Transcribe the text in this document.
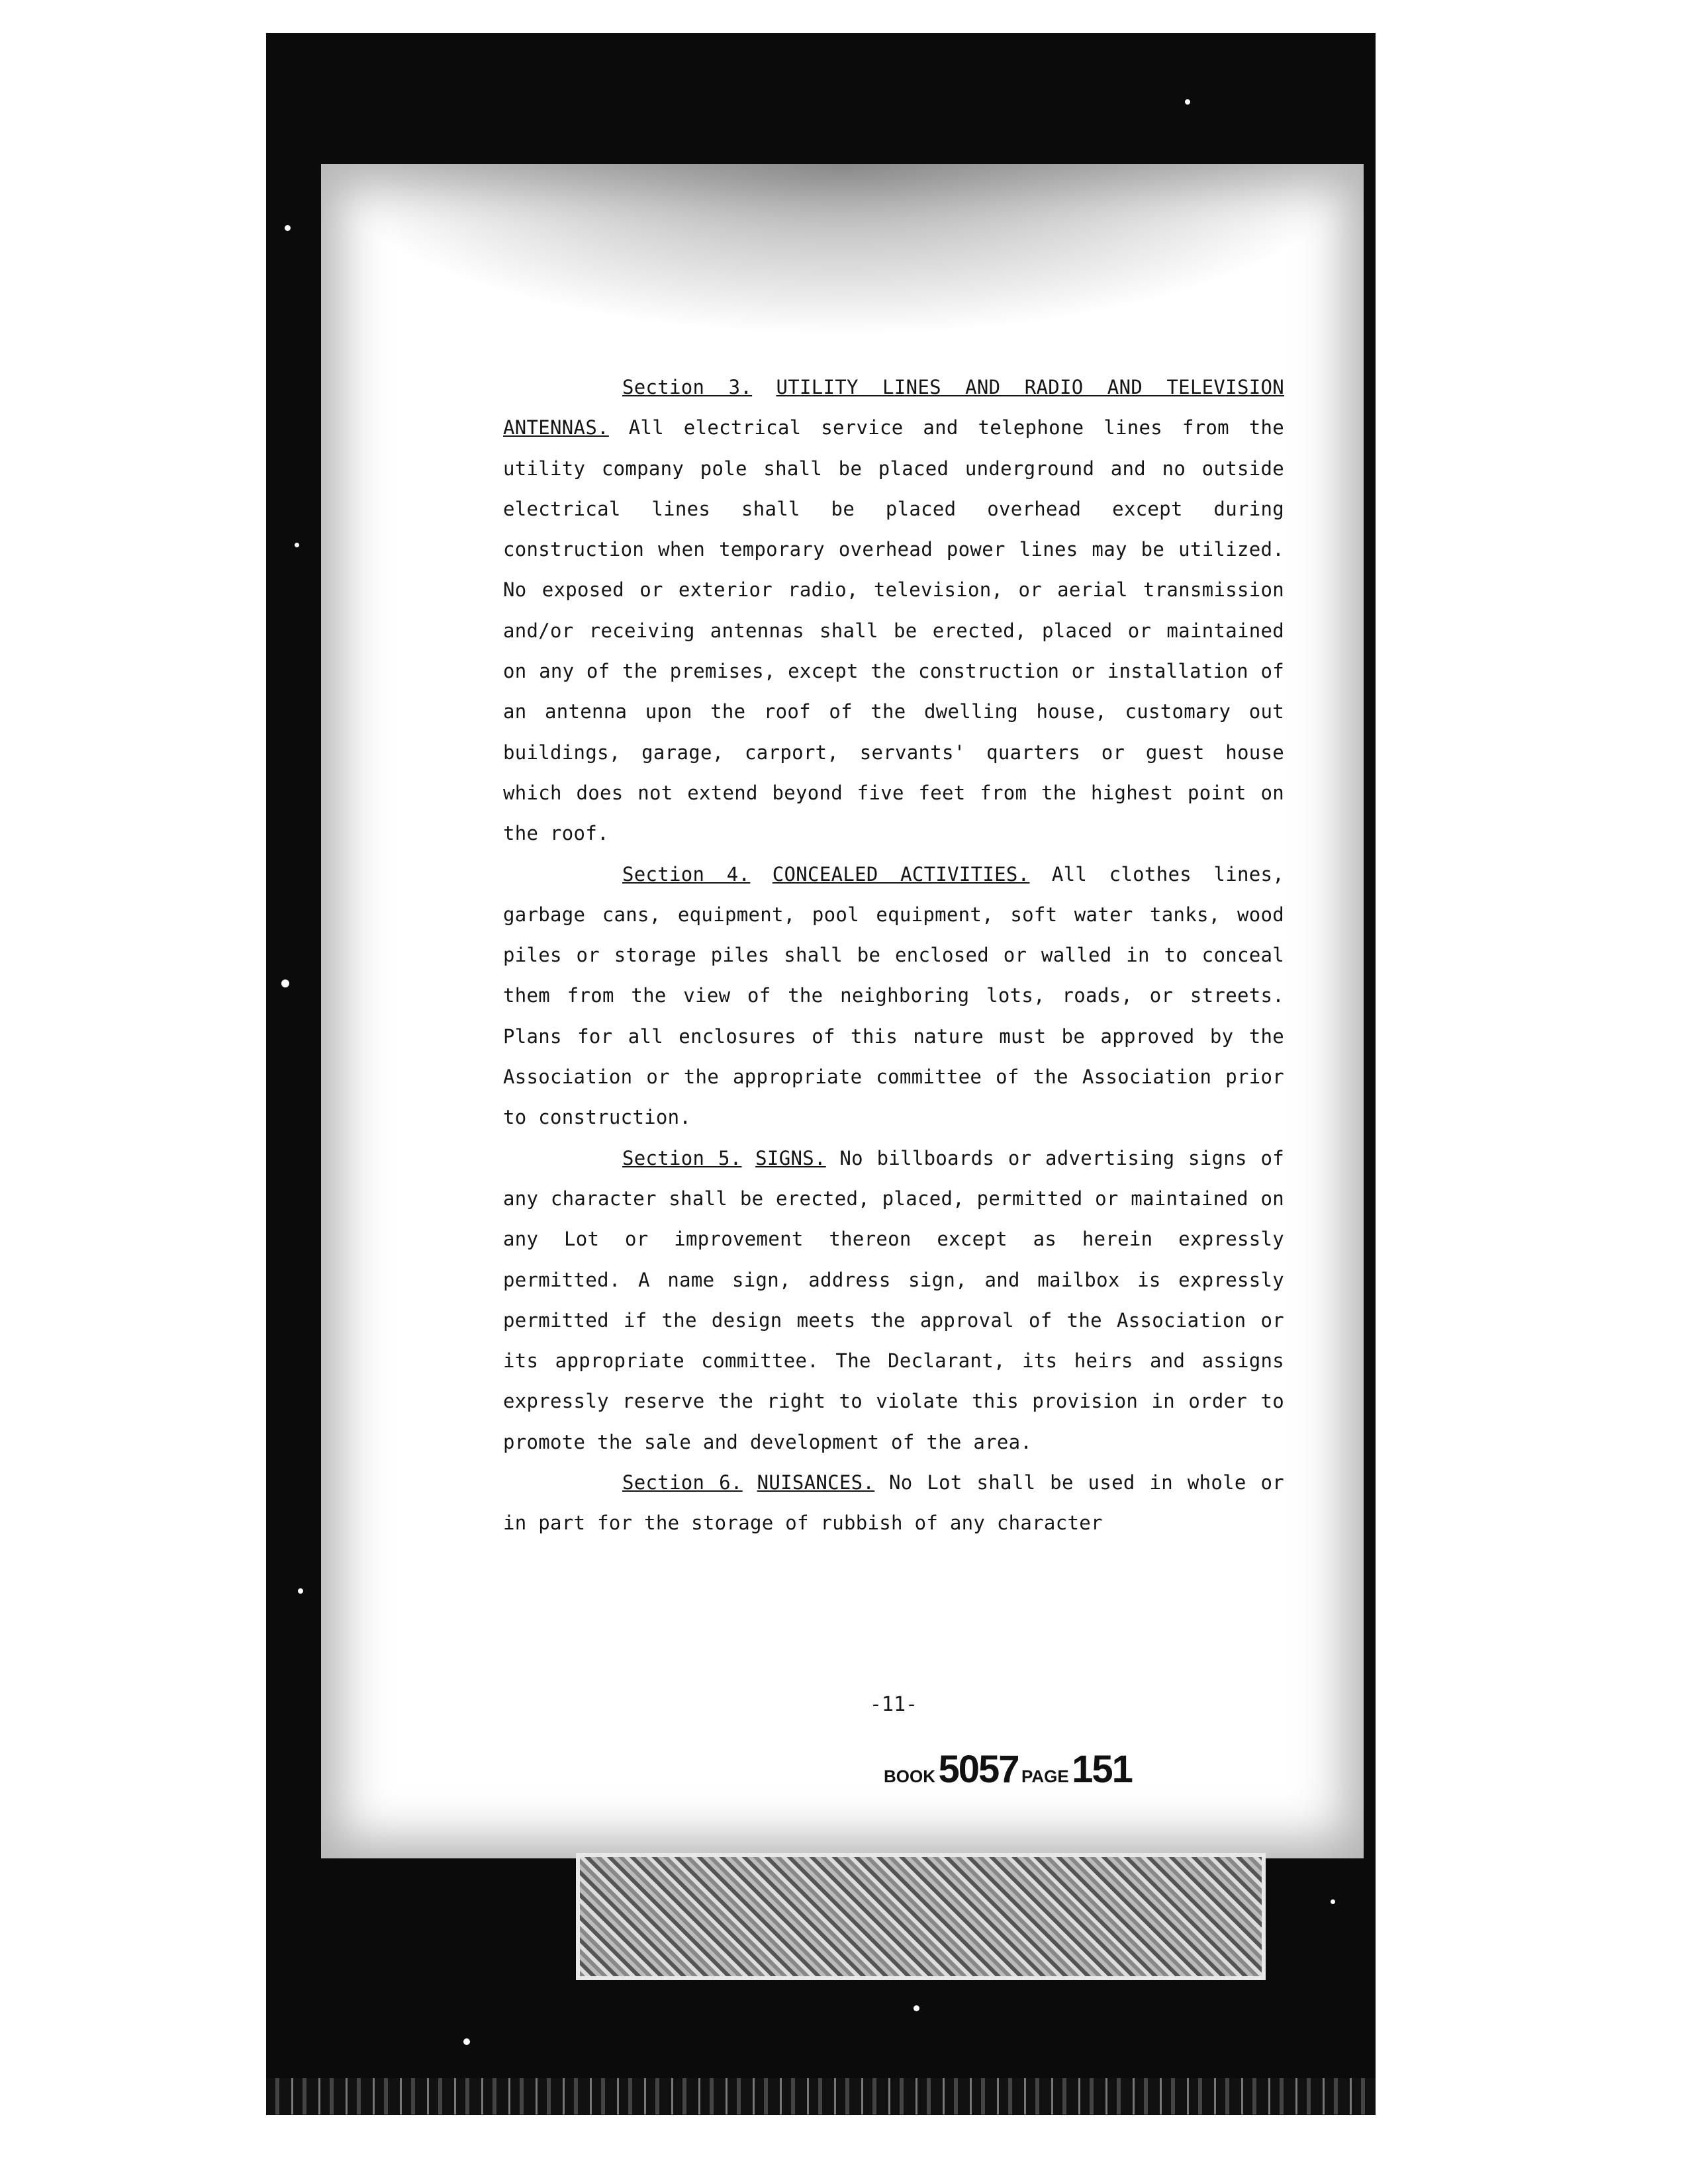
Section 3. UTILITY LINES AND RADIO AND TELEVISION ANTENNAS. All electrical service and telephone lines from the utility company pole shall be placed underground and no outside electrical lines shall be placed overhead except during construction when temporary overhead power lines may be utilized. No exposed or exterior radio, television, or aerial transmission and/or receiving antennas shall be erected, placed or maintained on any of the premises, except the construction or installation of an antenna upon the roof of the dwelling house, customary out buildings, garage, carport, servants' quarters or guest house which does not extend beyond five feet from the highest point on the roof.

Section 4. CONCEALED ACTIVITIES. All clothes lines, garbage cans, equipment, pool equipment, soft water tanks, wood piles or storage piles shall be enclosed or walled in to conceal them from the view of the neighboring lots, roads, or streets. Plans for all enclosures of this nature must be approved by the Association or the appropriate committee of the Association prior to construction.

Section 5. SIGNS. No billboards or advertising signs of any character shall be erected, placed, permitted or maintained on any Lot or improvement thereon except as herein expressly permitted. A name sign, address sign, and mailbox is expressly permitted if the design meets the approval of the Association or its appropriate committee. The Declarant, its heirs and assigns expressly reserve the right to violate this provision in order to promote the sale and development of the area.

Section 6. NUISANCES. No Lot shall be used in whole or in part for the storage of rubbish of any character

-11-
BOOK 5057 PAGE 151
